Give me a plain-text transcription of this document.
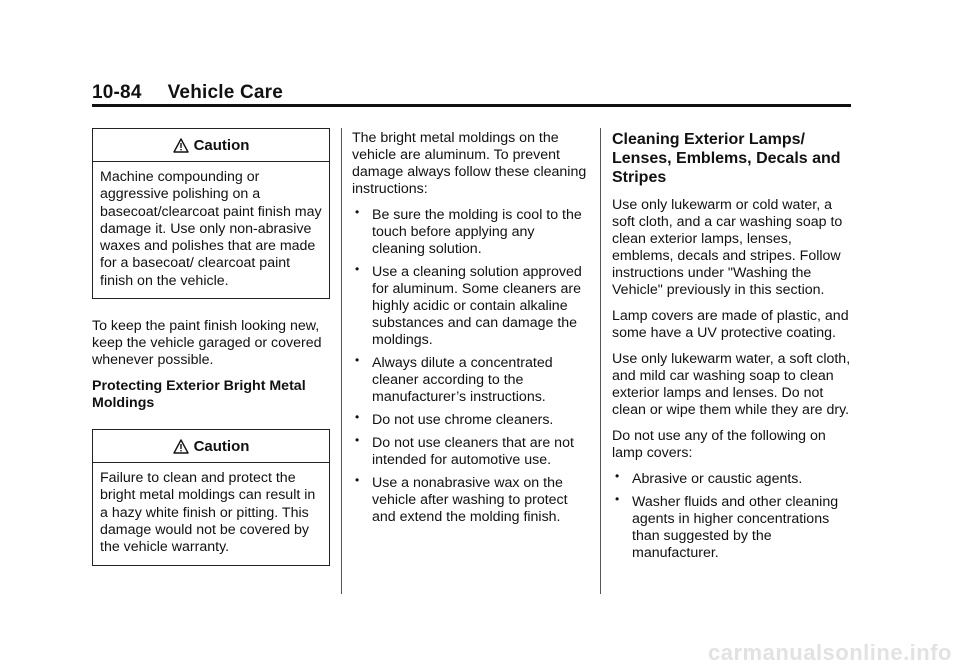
10-84 Vehicle Care
Caution
Machine compounding or aggressive polishing on a basecoat/clearcoat paint finish may damage it. Use only non-abrasive waxes and polishes that are made for a basecoat/ clearcoat paint finish on the vehicle.

To keep the paint finish looking new, keep the vehicle garaged or covered whenever possible.

Protecting Exterior Bright Metal Moldings

Caution
Failure to clean and protect the bright metal moldings can result in a hazy white finish or pitting. This damage would not be covered by the vehicle warranty.

The bright metal moldings on the vehicle are aluminum. To prevent damage always follow these cleaning instructions:

• Be sure the molding is cool to the touch before applying any cleaning solution.
• Use a cleaning solution approved for aluminum. Some cleaners are highly acidic or contain alkaline substances and can damage the moldings.
• Always dilute a concentrated cleaner according to the manufacturer’s instructions.
• Do not use chrome cleaners.
• Do not use cleaners that are not intended for automotive use.
• Use a nonabrasive wax on the vehicle after washing to protect and extend the molding finish.
Cleaning Exterior Lamps/ Lenses, Emblems, Decals and Stripes

Use only lukewarm or cold water, a soft cloth, and a car washing soap to clean exterior lamps, lenses, emblems, decals and stripes. Follow instructions under "Washing the Vehicle" previously in this section.

Lamp covers are made of plastic, and some have a UV protective coating.

Use only lukewarm water, a soft cloth, and mild car washing soap to clean exterior lamps and lenses. Do not clean or wipe them while they are dry.

Do not use any of the following on lamp covers:

• Abrasive or caustic agents.
• Washer fluids and other cleaning agents in higher concentrations than suggested by the manufacturer.
carmanualsonline.info
